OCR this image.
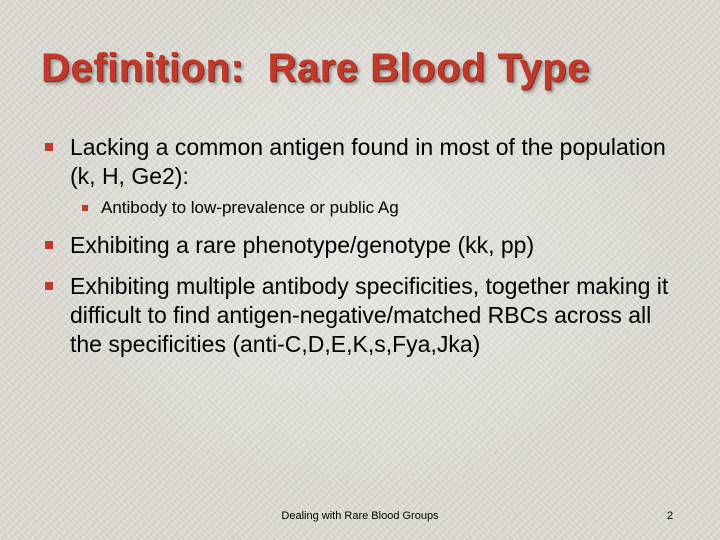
Definition:  Rare Blood Type
Lacking a common antigen found in most of the population (k, H, Ge2):
Antibody to low-prevalence or public Ag
Exhibiting a rare phenotype/genotype (kk, pp)
Exhibiting multiple antibody specificities, together making it difficult to find antigen-negative/matched RBCs across all the specificities (anti-C,D,E,K,s,Fya,Jka)
Dealing with Rare Blood Groups	2
